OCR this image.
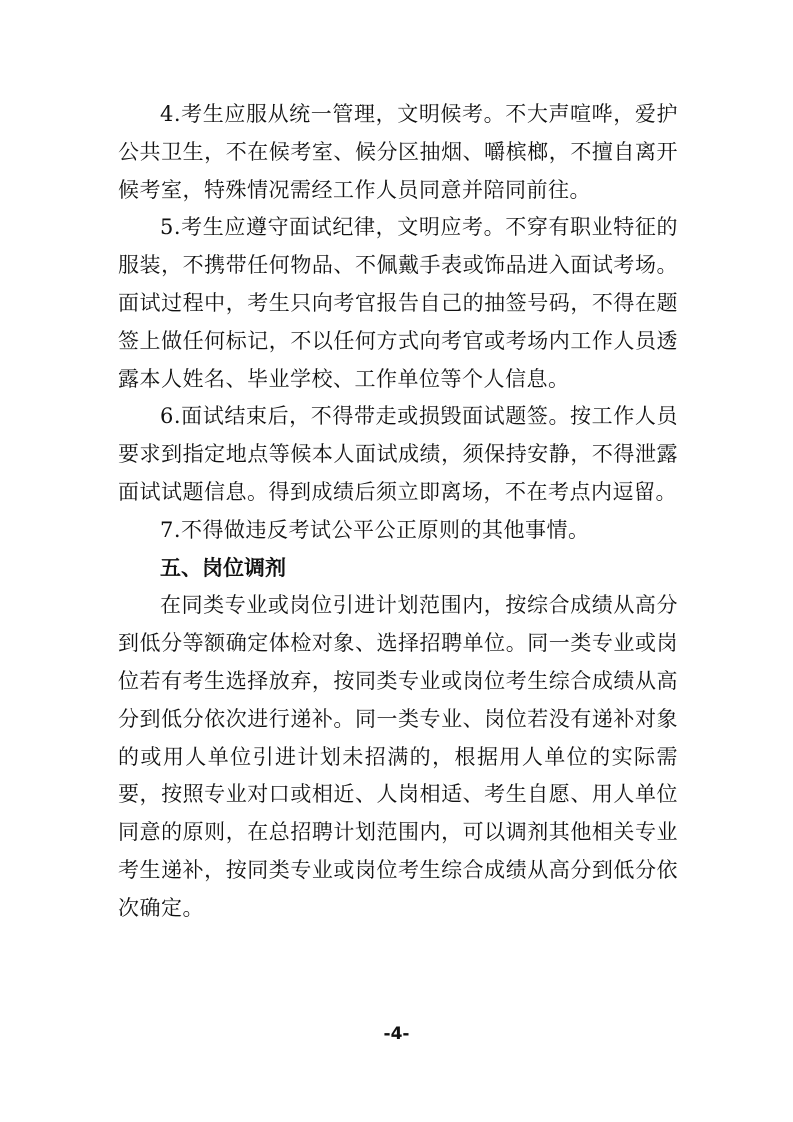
4.考生应服从统一管理，文明候考。不大声喧哗，爱护公共卫生，不在候考室、候分区抽烟、嚼槟榔，不擅自离开候考室，特殊情况需经工作人员同意并陪同前往。

5.考生应遵守面试纪律，文明应考。不穿有职业特征的服装，不携带任何物品、不佩戴手表或饰品进入面试考场。面试过程中，考生只向考官报告自己的抽签号码，不得在题签上做任何标记，不以任何方式向考官或考场内工作人员透露本人姓名、毕业学校、工作单位等个人信息。

6.面试结束后，不得带走或损毁面试题签。按工作人员要求到指定地点等候本人面试成绩，须保持安静，不得泄露面试试题信息。得到成绩后须立即离场，不在考点内逗留。

7.不得做违反考试公平公正原则的其他事情。

五、岗位调剂

在同类专业或岗位引进计划范围内，按综合成绩从高分到低分等额确定体检对象、选择招聘单位。同一类专业或岗位若有考生选择放弃，按同类专业或岗位考生综合成绩从高分到低分依次进行递补。同一类专业、岗位若没有递补对象的或用人单位引进计划未招满的，根据用人单位的实际需要，按照专业对口或相近、人岗相适、考生自愿、用人单位同意的原则，在总招聘计划范围内，可以调剂其他相关专业考生递补，按同类专业或岗位考生综合成绩从高分到低分依次确定。

-4-
